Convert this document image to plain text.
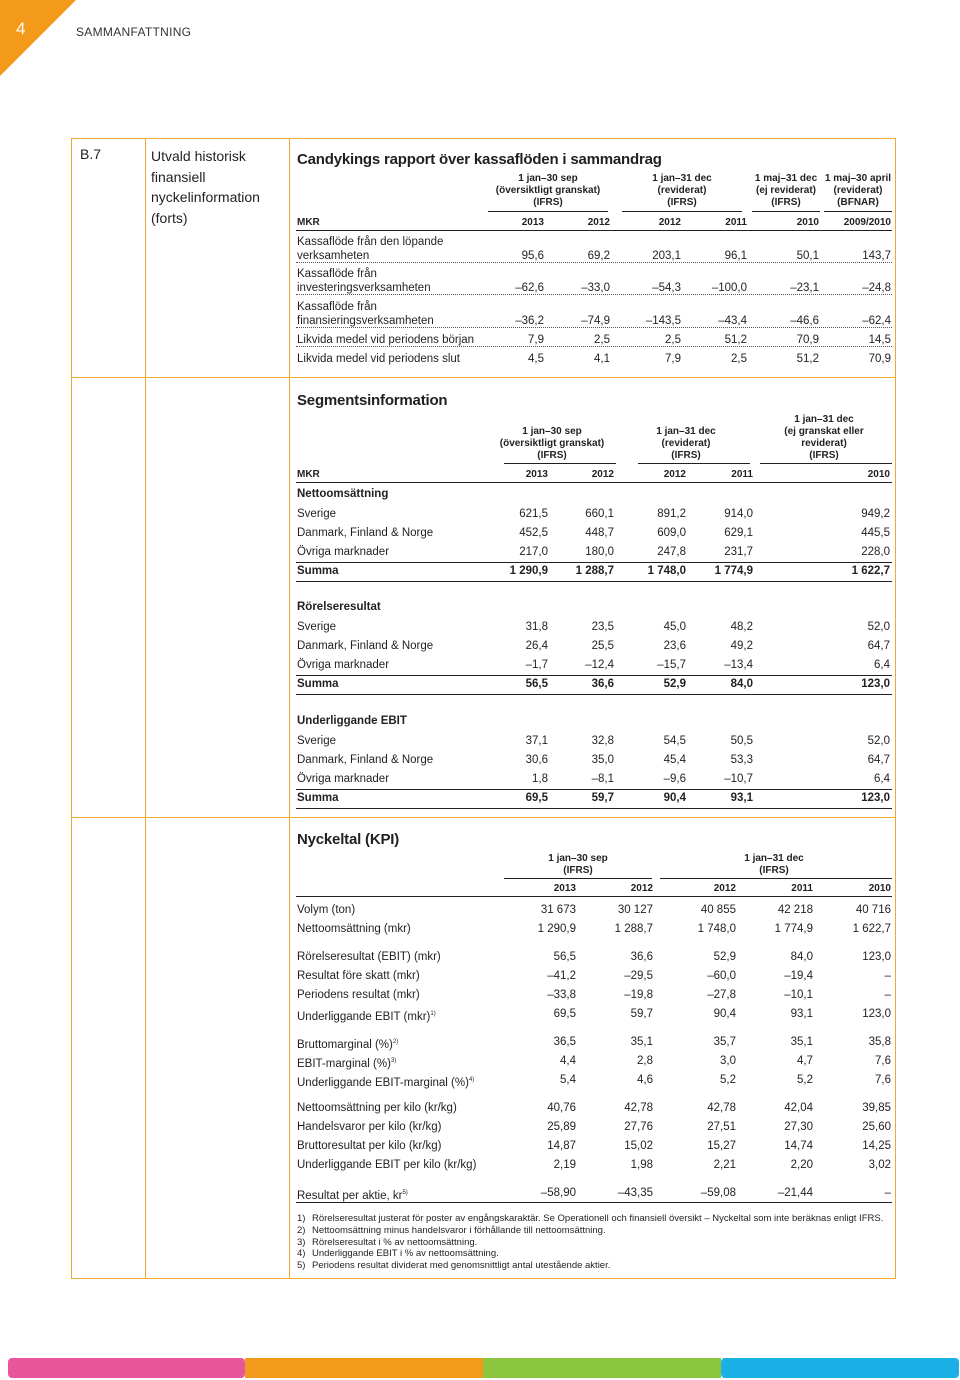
4	SAMMANFATTNING
B.7	Utvald historisk
finansiell
nyckelinformation
(forts)
Candykings rapport över kassaflöden i sammandrag
1 jan–30 sep
(översiktligt granskat)
(IFRS)
1 jan–31 dec
(reviderat)
(IFRS)
1 maj–31 dec
(ej reviderat)
(IFRS)
1 maj–30 april
(reviderat)
(BFNAR)
MKR	2013	2012	2012	2011	2010	2009/2010
Kassaflöde från den löpande
verksamheten	95,6	69,2	203,1	96,1	50,1	143,7
Kassaflöde från
investeringsverksamheten	–62,6	–33,0	–54,3	–100,0	–23,1	–24,8
Kassaflöde från
finansieringsverksamheten	–36,2	–74,9	–143,5	–43,4	–46,6	–62,4
Likvida medel vid periodens början	7,9	2,5	2,5	51,2	70,9	14,5
Likvida medel vid periodens slut	4,5	4,1	7,9	2,5	51,2	70,9
Segmentsinformation
1 jan–30 sep
(översiktligt granskat)
(IFRS)
1 jan–31 dec
(reviderat)
(IFRS)
1 jan–31 dec
(ej granskat eller
reviderat)
(IFRS)
MKR	2013	2012	2012	2011	2010
Nettoomsättning
Sverige	621,5	660,1	891,2	914,0	949,2
Danmark, Finland & Norge	452,5	448,7	609,0	629,1	445,5
Övriga marknader	217,0	180,0	247,8	231,7	228,0
Summa	1 290,9	1 288,7	1 748,0	1 774,9	1 622,7
Rörelseresultat
Sverige	31,8	23,5	45,0	48,2	52,0
Danmark, Finland & Norge	26,4	25,5	23,6	49,2	64,7
Övriga marknader	–1,7	–12,4	–15,7	–13,4	6,4
Summa	56,5	36,6	52,9	84,0	123,0
Underliggande EBIT
Sverige	37,1	32,8	54,5	50,5	52,0
Danmark, Finland & Norge	30,6	35,0	45,4	53,3	64,7
Övriga marknader	1,8	–8,1	–9,6	–10,7	6,4
Summa	69,5	59,7	90,4	93,1	123,0
Nyckeltal (KPI)
1 jan–30 sep
(IFRS)
1 jan–31 dec
(IFRS)
2013	2012	2012	2011	2010
Volym (ton)	31 673	30 127	40 855	42 218	40 716
Nettoomsättning (mkr)	1 290,9	1 288,7	1 748,0	1 774,9	1 622,7
Rörelseresultat (EBIT) (mkr)	56,5	36,6	52,9	84,0	123,0
Resultat före skatt (mkr)	–41,2	–29,5	–60,0	–19,4	–
Periodens resultat (mkr)	–33,8	–19,8	–27,8	–10,1	–
Underliggande EBIT (mkr)$^{1)}$	69,5	59,7	90,4	93,1	123,0
Bruttomarginal (%)$^{2)}$	36,5	35,1	35,7	35,1	35,8
EBIT-marginal (%)$^{3)}$	4,4	2,8	3,0	4,7	7,6
Underliggande EBIT-marginal (%)$^{4)}$	5,4	4,6	5,2	5,2	7,6
Nettoomsättning per kilo (kr/kg)	40,76	42,78	42,78	42,04	39,85
Handelsvaror per kilo (kr/kg)	25,89	27,76	27,51	27,30	25,60
Bruttoresultat per kilo (kr/kg)	14,87	15,02	15,27	14,74	14,25
Underliggande EBIT per kilo (kr/kg)	2,19	1,98	2,21	2,20	3,02
Resultat per aktie, $kr^{5)}$	–58,90	–43,35	–59,08	–21,44	–
1) Rörelseresultat justerat för poster av engångskaraktär. Se Operationell och finansiell översikt – Nyckeltal som inte beräknas enligt IFRS.
2) Nettoomsättning minus handelsvaror i förhållande till nettoomsättning.
3) Rörelseresultat i % av nettoomsättning.
4) Underliggande EBIT i % av nettoomsättning.
5) Periodens resultat dividerat med genomsnittligt antal utestående aktier.
